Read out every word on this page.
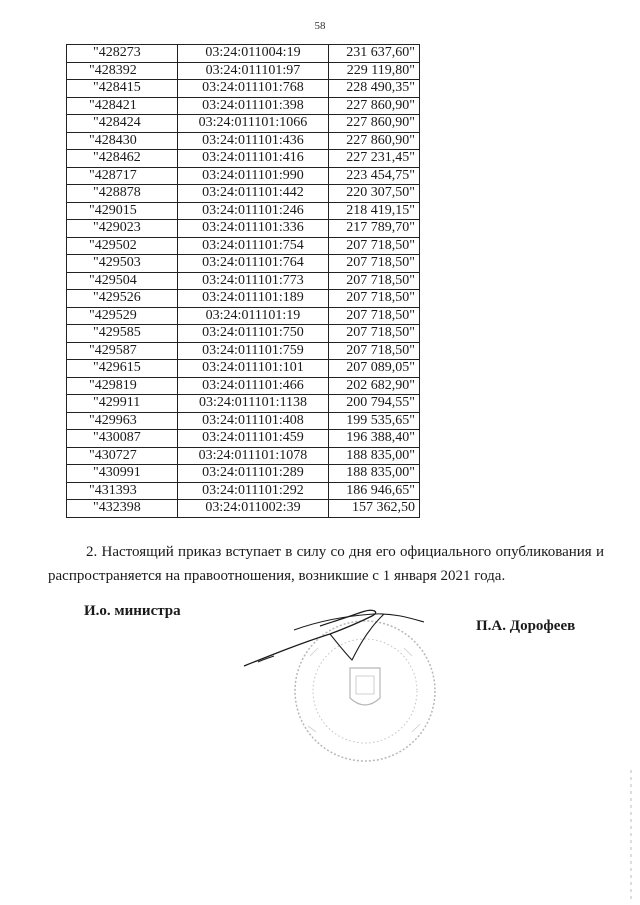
58
"428273	03:24:011004:19	231 637,60"
"428392	03:24:011101:97	229 119,80"
"428415	03:24:011101:768	228 490,35"
"428421	03:24:011101:398	227 860,90"
"428424	03:24:011101:1066	227 860,90"
"428430	03:24:011101:436	227 860,90"
"428462	03:24:011101:416	227 231,45"
"428717	03:24:011101:990	223 454,75"
"428878	03:24:011101:442	220 307,50"
"429015	03:24:011101:246	218 419,15"
"429023	03:24:011101:336	217 789,70"
"429502	03:24:011101:754	207 718,50"
"429503	03:24:011101:764	207 718,50"
"429504	03:24:011101:773	207 718,50"
"429526	03:24:011101:189	207 718,50"
"429529	03:24:011101:19	207 718,50"
"429585	03:24:011101:750	207 718,50"
"429587	03:24:011101:759	207 718,50"
"429615	03:24:011101:101	207 089,05"
"429819	03:24:011101:466	202 682,90"
"429911	03:24:011101:1138	200 794,55"
"429963	03:24:011101:408	199 535,65"
"430087	03:24:011101:459	196 388,40"
"430727	03:24:011101:1078	188 835,00"
"430991	03:24:011101:289	188 835,00"
"431393	03:24:011101:292	186 946,65"
"432398	03:24:011002:39	157 362,50
2. Настоящий приказ вступает в силу со дня его официального опубликования и распространяется на правоотношения, возникшие с 1 января 2021 года.
И.о. министра
П.А. Дорофеев
